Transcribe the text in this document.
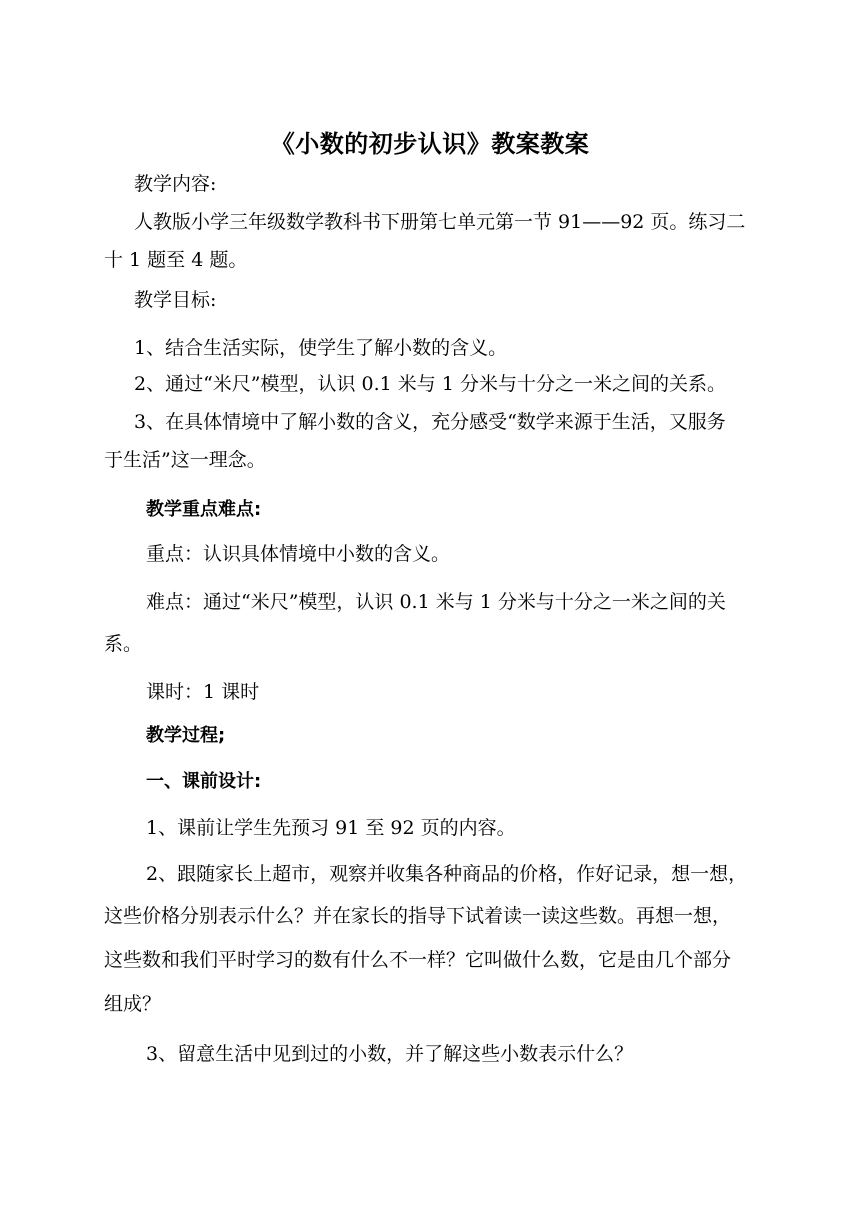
《小数的初步认识》教案教案
教学内容:
人教版小学三年级数学教科书下册第七单元第一节 91——92 页。练习二
十 1 题至 4 题。
教学目标:
1、结合生活实际，使学生了解小数的含义。
2、通过“米尺”模型，认识 0.1 米与 1 分米与十分之一米之间的关系。
3、在具体情境中了解小数的含义，充分感受“数学来源于生活，又服务
于生活”这一理念。
教学重点难点:
重点：认识具体情境中小数的含义。
难点：通过“米尺”模型，认识 0.1 米与 1 分米与十分之一米之间的关
系。
课时：1 课时
教学过程;
一、课前设计:
1、课前让学生先预习 91 至 92 页的内容。
2、跟随家长上超市，观察并收集各种商品的价格，作好记录，想一想，
这些价格分别表示什么？并在家长的指导下试着读一读这些数。再想一想，
这些数和我们平时学习的数有什么不一样？它叫做什么数，它是由几个部分
组成？
3、留意生活中见到过的小数，并了解这些小数表示什么？
